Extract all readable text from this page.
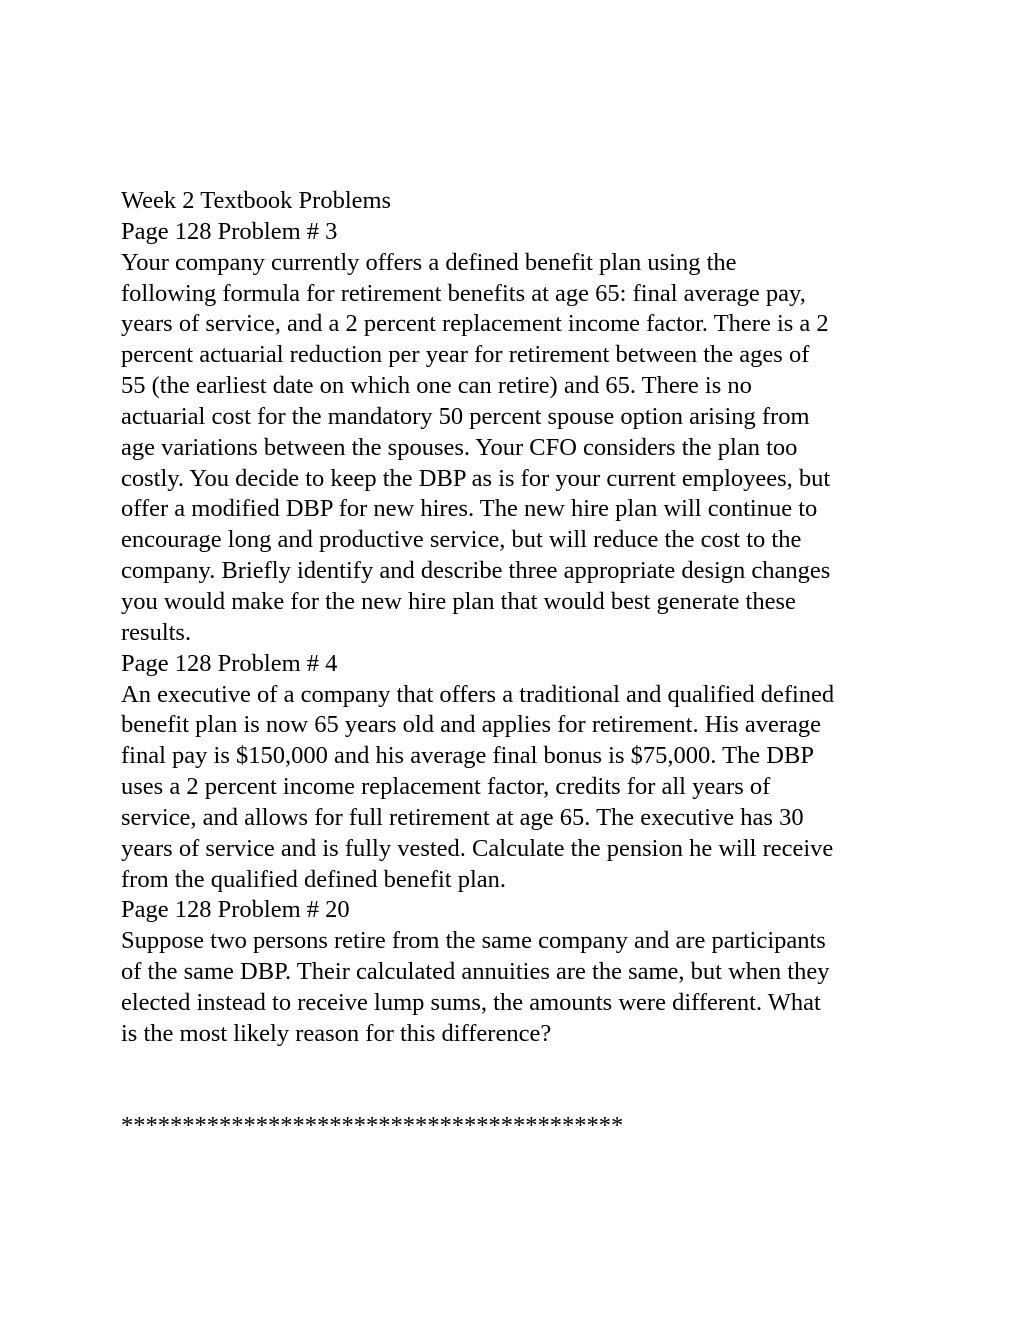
Week 2 Textbook Problems
Page 128 Problem # 3
Your company currently offers a defined benefit plan using the
following formula for retirement benefits at age 65: final average pay,
years of service, and a 2 percent replacement income factor. There is a 2
percent actuarial reduction per year for retirement between the ages of
55 (the earliest date on which one can retire) and 65. There is no
actuarial cost for the mandatory 50 percent spouse option arising from
age variations between the spouses. Your CFO considers the plan too
costly. You decide to keep the DBP as is for your current employees, but
offer a modified DBP for new hires. The new hire plan will continue to
encourage long and productive service, but will reduce the cost to the
company. Briefly identify and describe three appropriate design changes
you would make for the new hire plan that would best generate these
results.
Page 128 Problem # 4
An executive of a company that offers a traditional and qualified defined
benefit plan is now 65 years old and applies for retirement. His average
final pay is $150,000 and his average final bonus is $75,000. The DBP
uses a 2 percent income replacement factor, credits for all years of
service, and allows for full retirement at age 65. The executive has 30
years of service and is fully vested. Calculate the pension he will receive
from the qualified defined benefit plan.
Page 128 Problem # 20
Suppose two persons retire from the same company and are participants
of the same DBP. Their calculated annuities are the same, but when they
elected instead to receive lump sums, the amounts were different. What
is the most likely reason for this difference?
*****************************************
